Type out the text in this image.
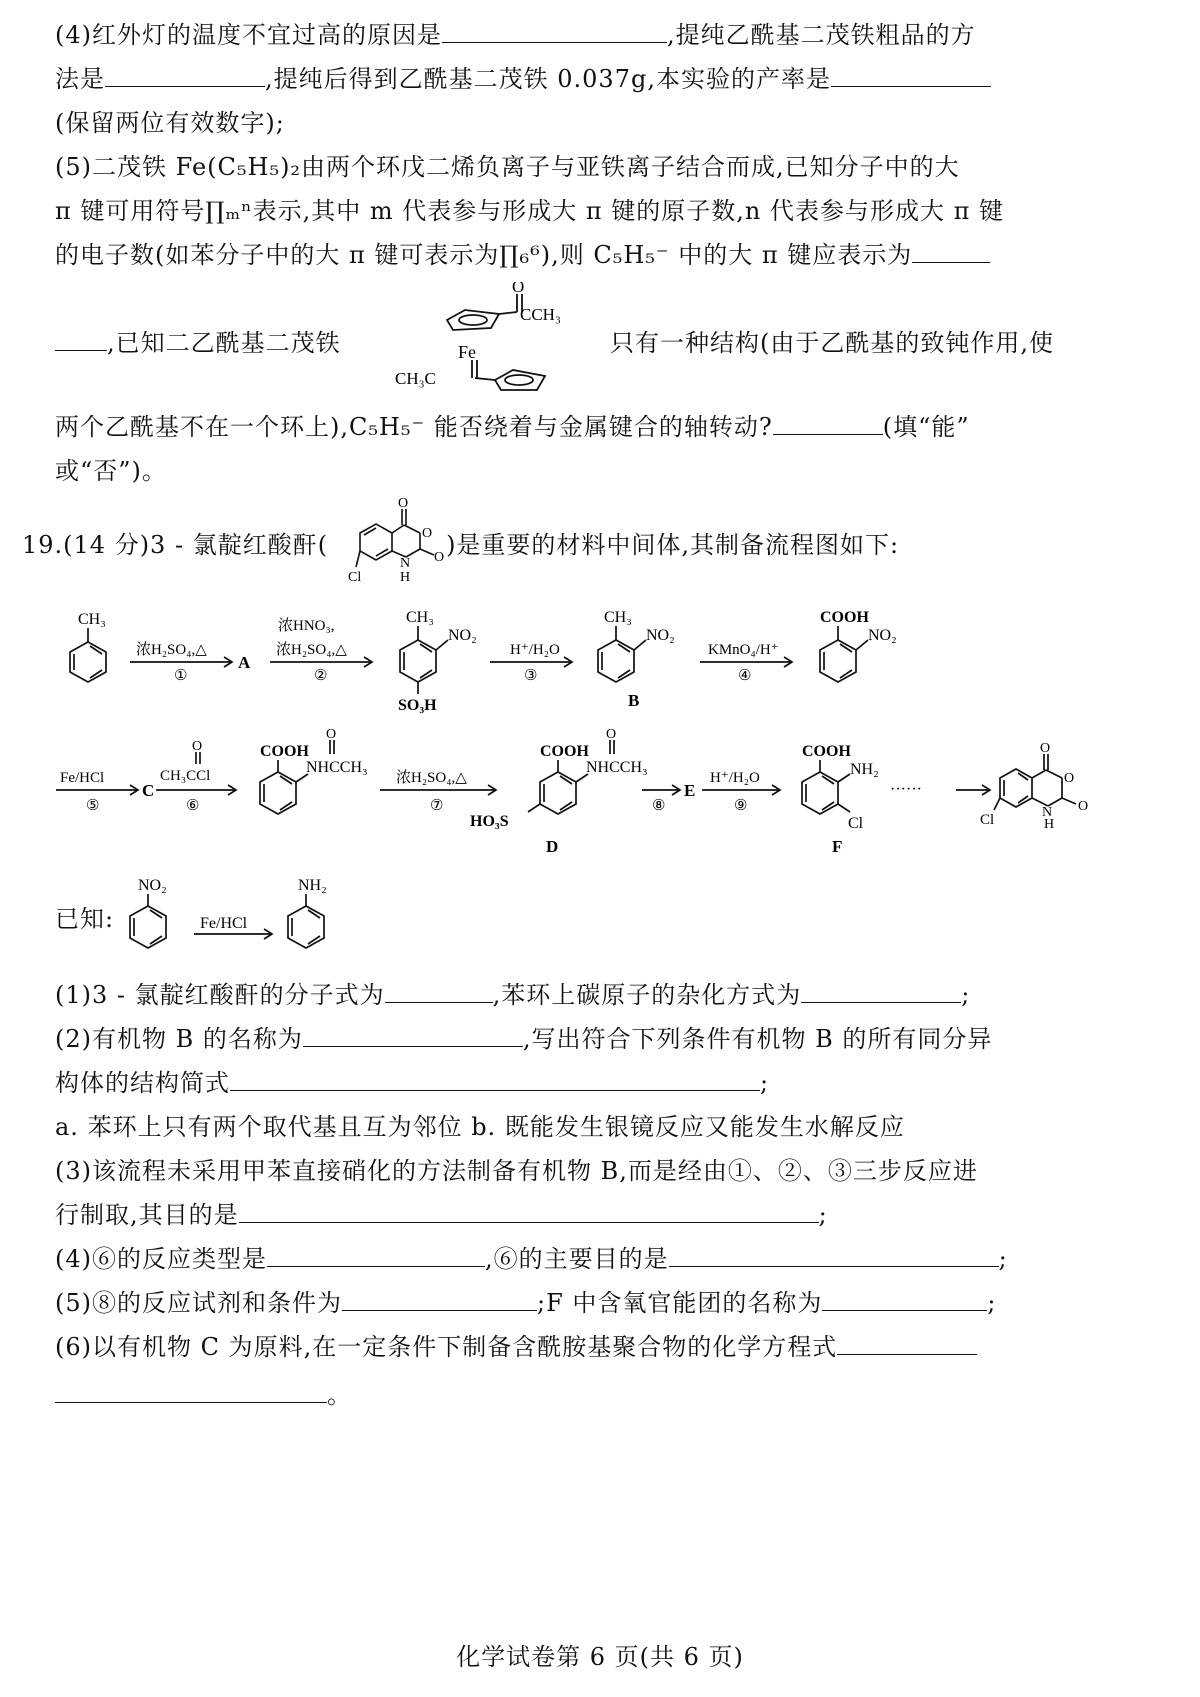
(4)红外灯的温度不宜过高的原因是	,提纯乙酰基二茂铁粗品的方
法是	,提纯后得到乙酰基二茂铁 0.037g,本实验的产率是
(保留两位有效数字);
(5)二茂铁 Fe(C₅H₅)₂由两个环戊二烯负离子与亚铁离子结合而成,已知分子中的大
π 键可用符号∏ₘⁿ表示,其中 m 代表参与形成大 π 键的原子数,n 代表参与形成大 π 键
的电子数(如苯分子中的大 π 键可表示为∏₆⁶),则 C₅H₅⁻ 中的大 π 键应表示为
,已知二乙酰基二茂铁	只有一种结构(由于乙酰基的致钝作用,使
Fe
O
CCH₃
CH₃C
两个乙酰基不在一个环上),C₅H₅⁻ 能否绕着与金属键合的轴转动?	(填“能”
或“否”)。
19.(14 分)3 - 氯靛红酸酐(	)是重要的材料中间体,其制备流程图如下:
O
O
O
N
H
Cl
CH₃
浓H₂SO₄,△
①
A
浓HNO₃,
浓H₂SO₄,△
②
CH₃
NO₂
SO₃H
H⁺/H₂O
③
CH₃
NO₂
B
KMnO₄/H⁺
④
COOH
NO₂
Fe/HCl
⑤
C
O
CH₃CCl
⑥
COOH
O
NHCCH₃
浓H₂SO₄,△
⑦
COOH
O
NHCCH₃
HO₃S
D
⑧
E
H⁺/H₂O
⑨
COOH
NH₂
Cl
F
······
O
O
O
N
H
Cl
已知:
NO₂	NH₂
Fe/HCl
(1)3 - 氯靛红酸酐的分子式为	,苯环上碳原子的杂化方式为	;
(2)有机物 B 的名称为	,写出符合下列条件有机物 B 的所有同分异
构体的结构简式	;
a. 苯环上只有两个取代基且互为邻位 b. 既能发生银镜反应又能发生水解反应
(3)该流程未采用甲苯直接硝化的方法制备有机物 B,而是经由①、②、③三步反应进
行制取,其目的是	;
(4)⑥的反应类型是	,⑥的主要目的是	;
(5)⑧的反应试剂和条件为	;F 中含氧官能团的名称为	;
(6)以有机物 C 为原料,在一定条件下制备含酰胺基聚合物的化学方程式
。
化学试卷第 6 页(共 6 页)
